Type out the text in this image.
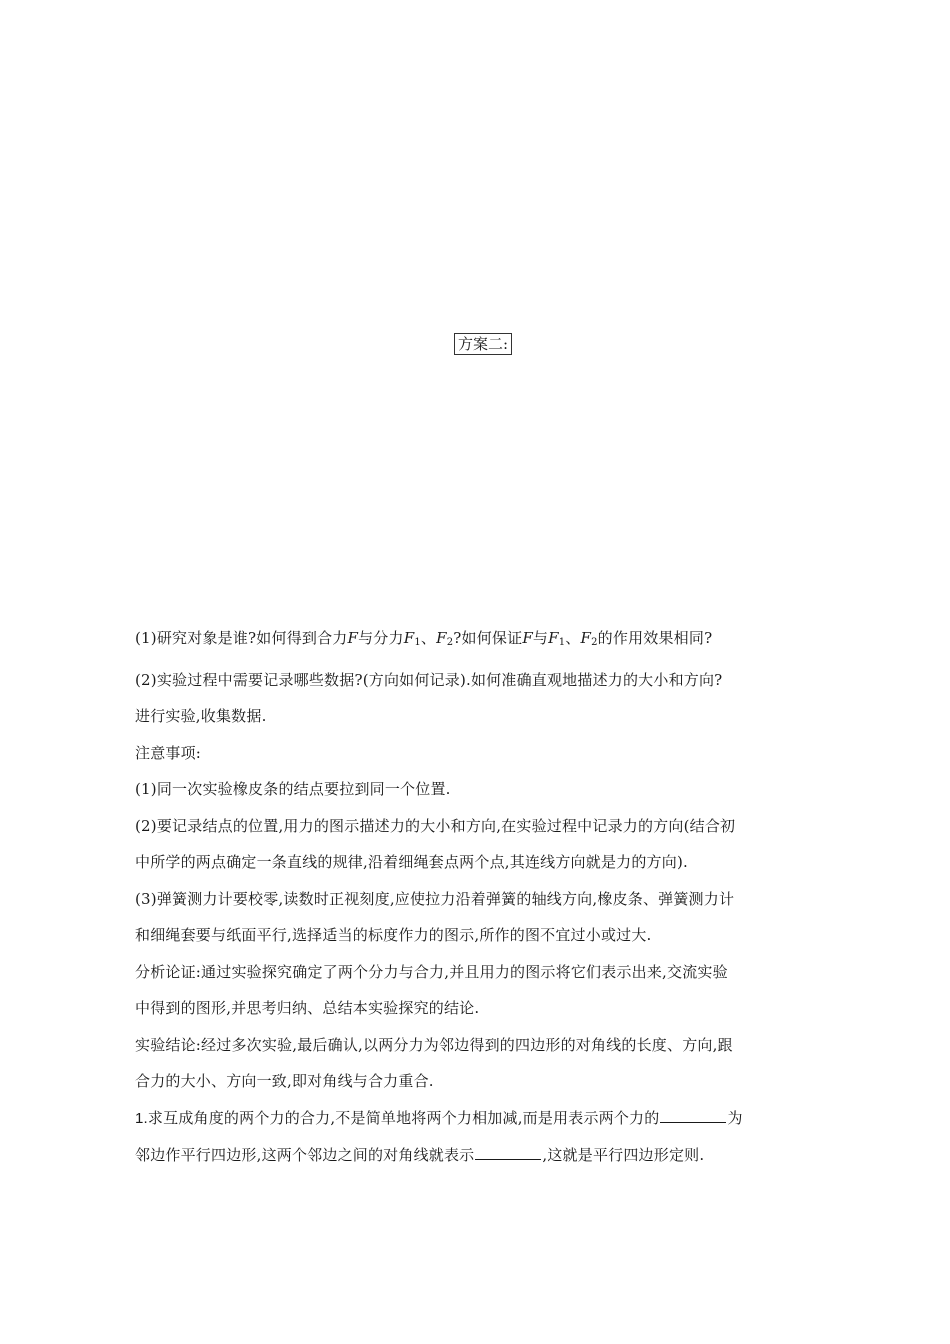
方案二:
(1)研究对象是谁?如何得到合力F与分力$F_1$、$F_2$?如何保证F与$F_1$、$F_2$的作用效果相同?
(2)实验过程中需要记录哪些数据?(方向如何记录).如何准确直观地描述力的大小和方向?
进行实验,收集数据.
注意事项:
(1)同一次实验橡皮条的结点要拉到同一个位置.
(2)要记录结点的位置,用力的图示描述力的大小和方向,在实验过程中记录力的方向(结合初
中所学的两点确定一条直线的规律,沿着细绳套点两个点,其连线方向就是力的方向).
(3)弹簧测力计要校零,读数时正视刻度,应使拉力沿着弹簧的轴线方向,橡皮条、弹簧测力计
和细绳套要与纸面平行,选择适当的标度作力的图示,所作的图不宜过小或过大.
分析论证:通过实验探究确定了两个分力与合力,并且用力的图示将它们表示出来,交流实验
中得到的图形,并思考归纳、总结本实验探究的结论.
实验结论:经过多次实验,最后确认,以两分力为邻边得到的四边形的对角线的长度、方向,跟
合力的大小、方向一致,即对角线与合力重合.
1.求互成角度的两个力的合力,不是简单地将两个力相加减,而是用表示两个力的	为
邻边作平行四边形,这两个邻边之间的对角线就表示	,这就是平行四边形定则.
